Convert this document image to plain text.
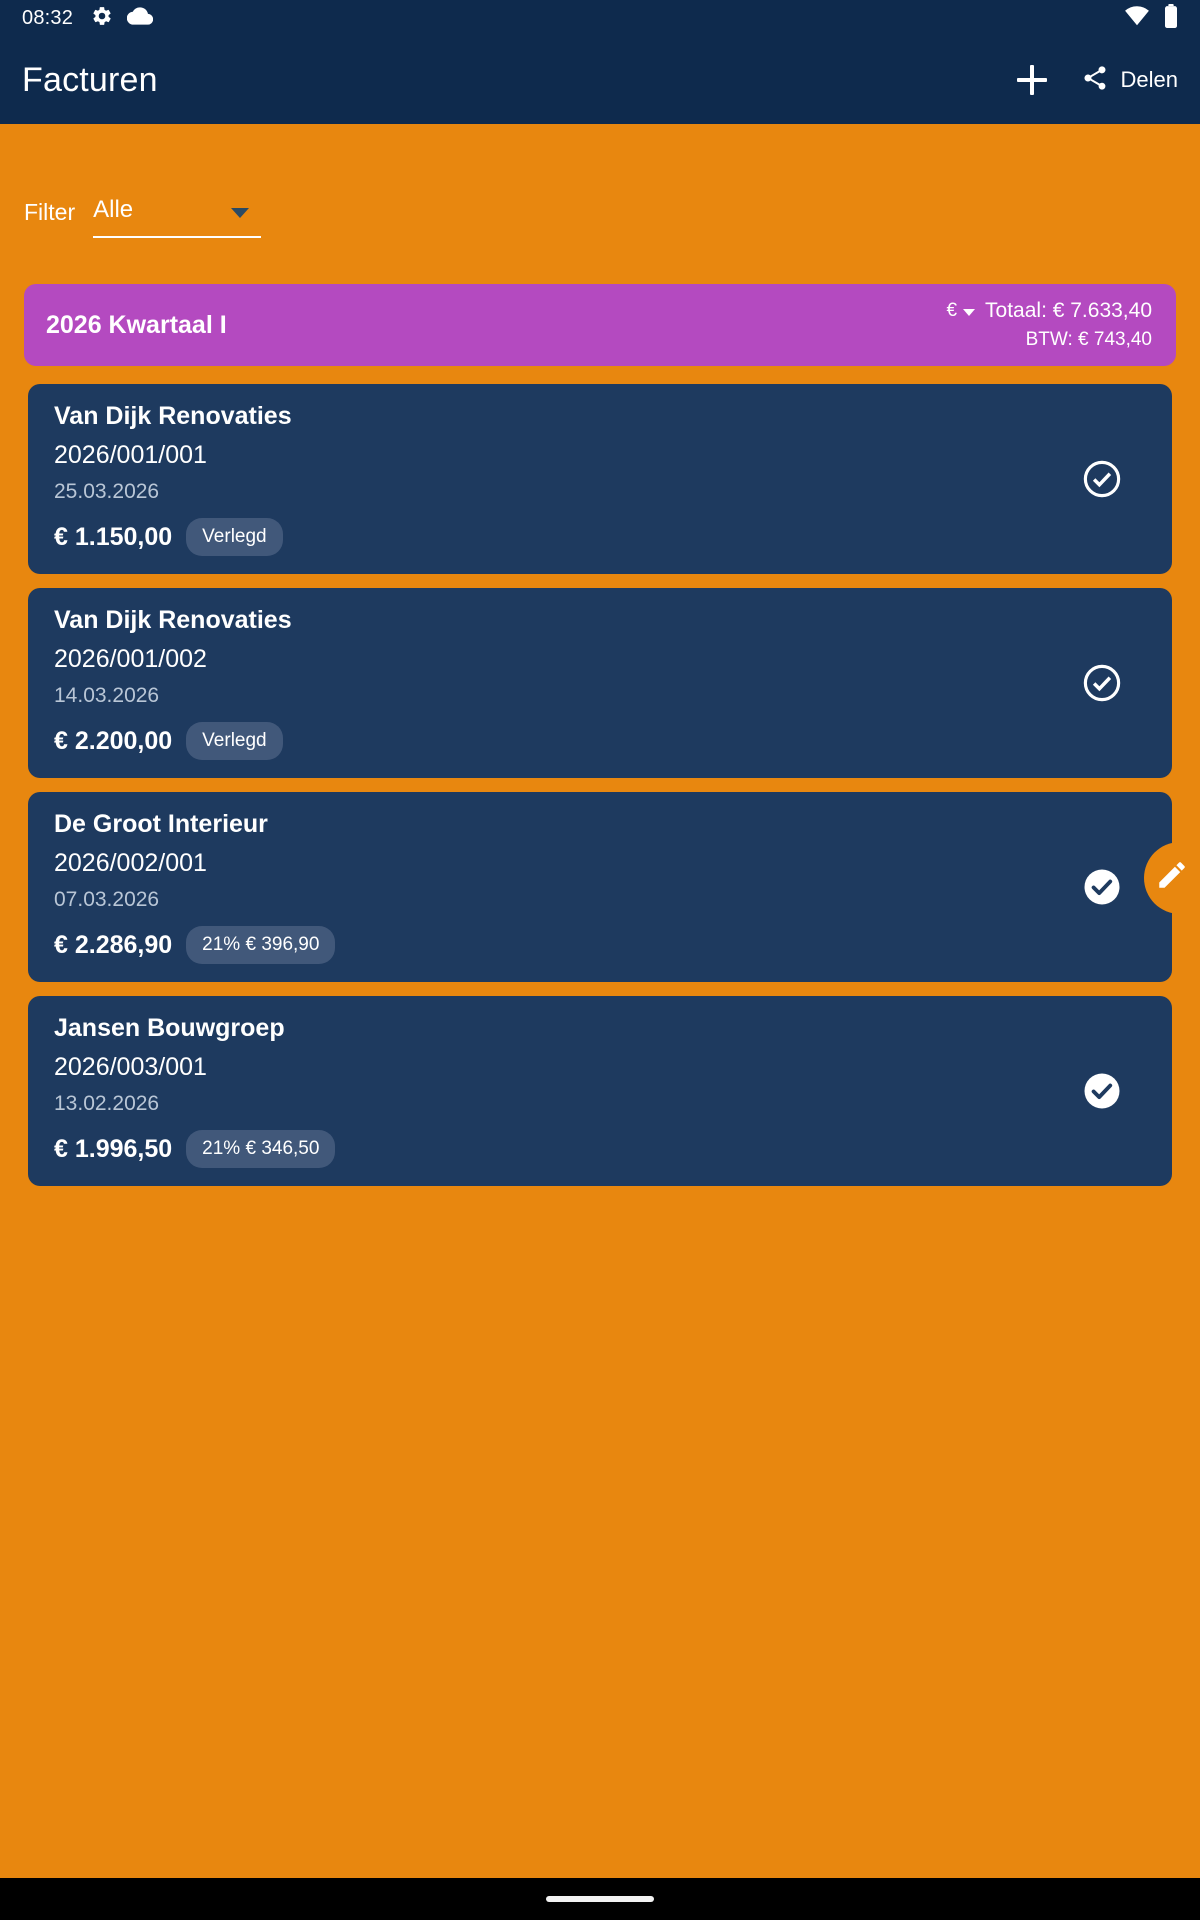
08:32
Facturen	Delen
Filter Alle
2026 Kwartaal I	€ Totaal: € 7.633,40
BTW: € 743,40
Van Dijk Renovaties
2026/001/001
25.03.2026
€ 1.150,00	Verlegd
Van Dijk Renovaties
2026/001/002
14.03.2026
€ 2.200,00	Verlegd
De Groot Interieur
2026/002/001
07.03.2026
€ 2.286,90	21% € 396,90
Jansen Bouwgroep
2026/003/001
13.02.2026
€ 1.996,50	21% € 346,50
